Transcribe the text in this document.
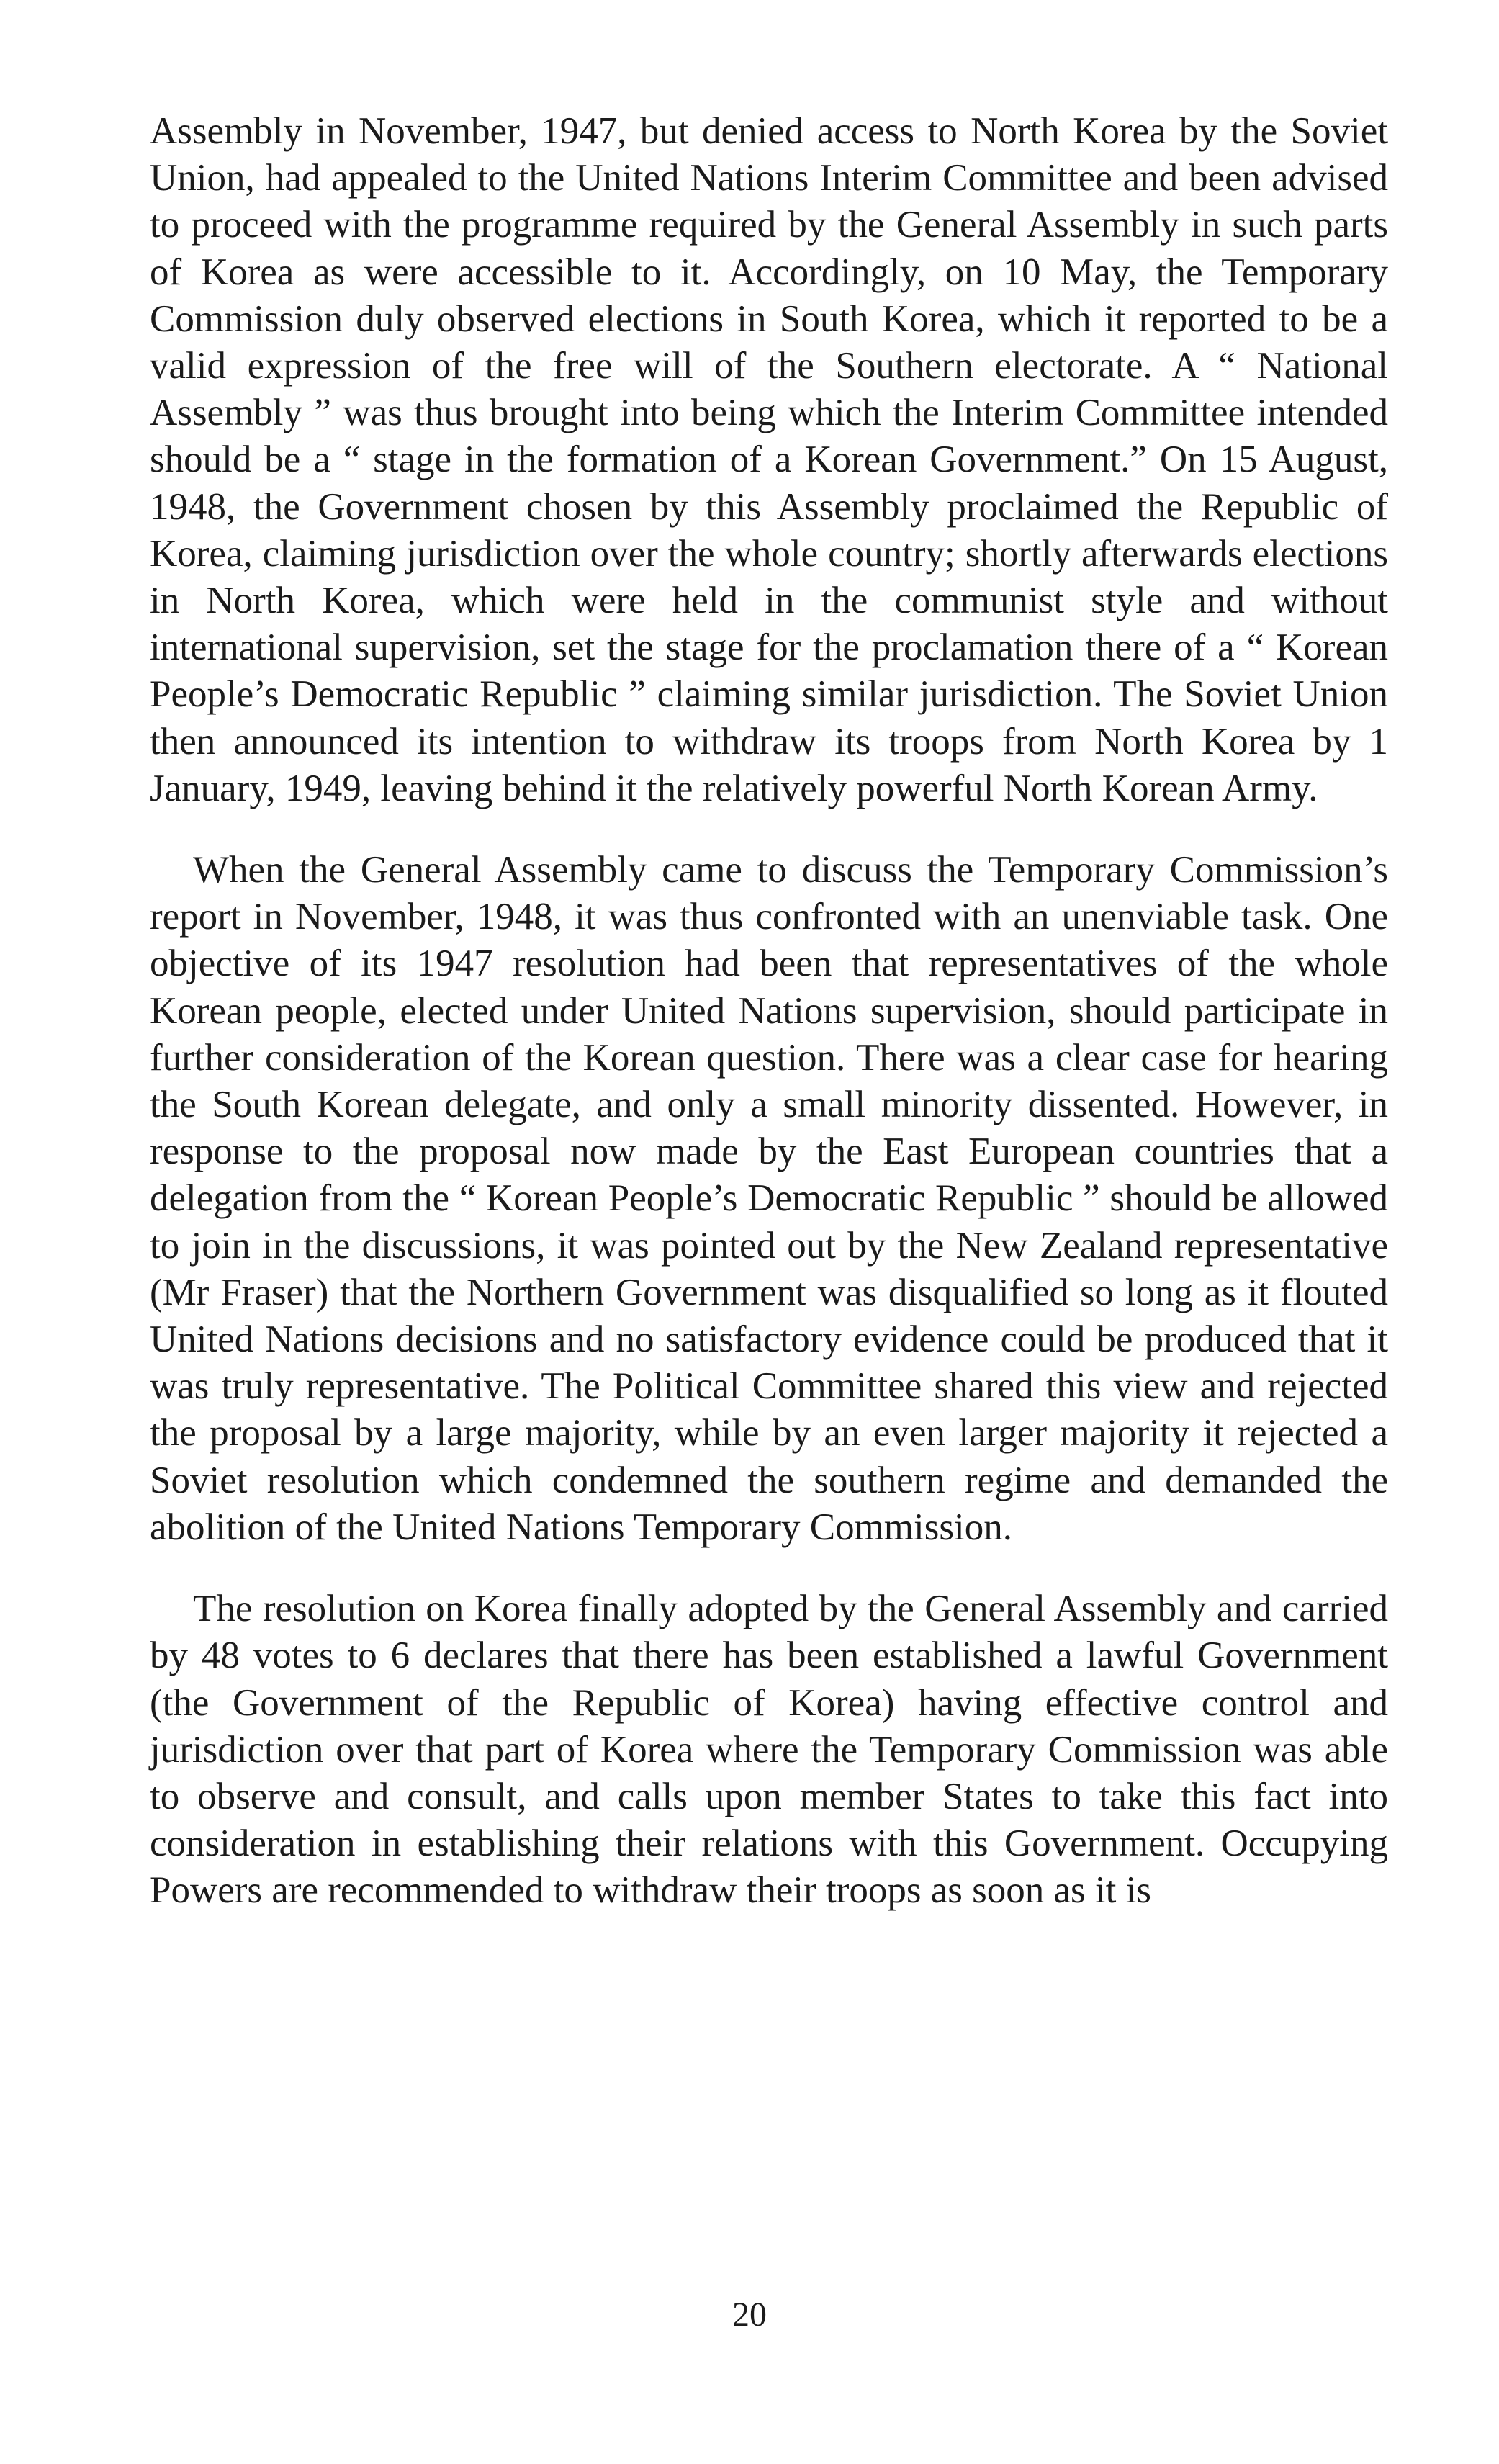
Assembly in November, 1947, but denied access to North Korea by the Soviet Union, had appealed to the United Nations Interim Committee and been advised to proceed with the programme required by the General Assembly in such parts of Korea as were accessible to it. Accordingly, on 10 May, the Temporary Commission duly observed elections in South Korea, which it reported to be a valid expression of the free will of the Southern electorate. A “ National Assembly ” was thus brought into being which the Interim Committee intended should be a “ stage in the formation of a Korean Government.” On 15 August, 1948, the Government chosen by this Assembly proclaimed the Republic of Korea, claiming jurisdiction over the whole country; shortly afterwards elections in North Korea, which were held in the communist style and without international supervision, set the stage for the proclamation there of a “ Korean People’s Democratic Republic ” claiming similar jurisdiction. The Soviet Union then announced its intention to withdraw its troops from North Korea by 1 January, 1949, leaving behind it the relatively powerful North Korean Army.

When the General Assembly came to discuss the Temporary Commission’s report in November, 1948, it was thus confronted with an unenviable task. One objective of its 1947 resolution had been that representatives of the whole Korean people, elected under United Nations supervision, should participate in further consideration of the Korean question. There was a clear case for hearing the South Korean delegate, and only a small minority dissented. However, in response to the proposal now made by the East European countries that a delegation from the “ Korean People’s Democratic Republic ” should be allowed to join in the discussions, it was pointed out by the New Zealand representative (Mr Fraser) that the Northern Government was disqualified so long as it flouted United Nations decisions and no satisfactory evidence could be produced that it was truly representative. The Political Committee shared this view and rejected the proposal by a large majority, while by an even larger majority it rejected a Soviet resolution which condemned the southern regime and demanded the abolition of the United Nations Temporary Commission.

The resolution on Korea finally adopted by the General Assembly and carried by 48 votes to 6 declares that there has been established a lawful Government (the Government of the Republic of Korea) having effective control and jurisdiction over that part of Korea where the Temporary Commission was able to observe and consult, and calls upon member States to take this fact into consideration in establishing their relations with this Government. Occupying Powers are recommended to withdraw their troops as soon as it is

20
